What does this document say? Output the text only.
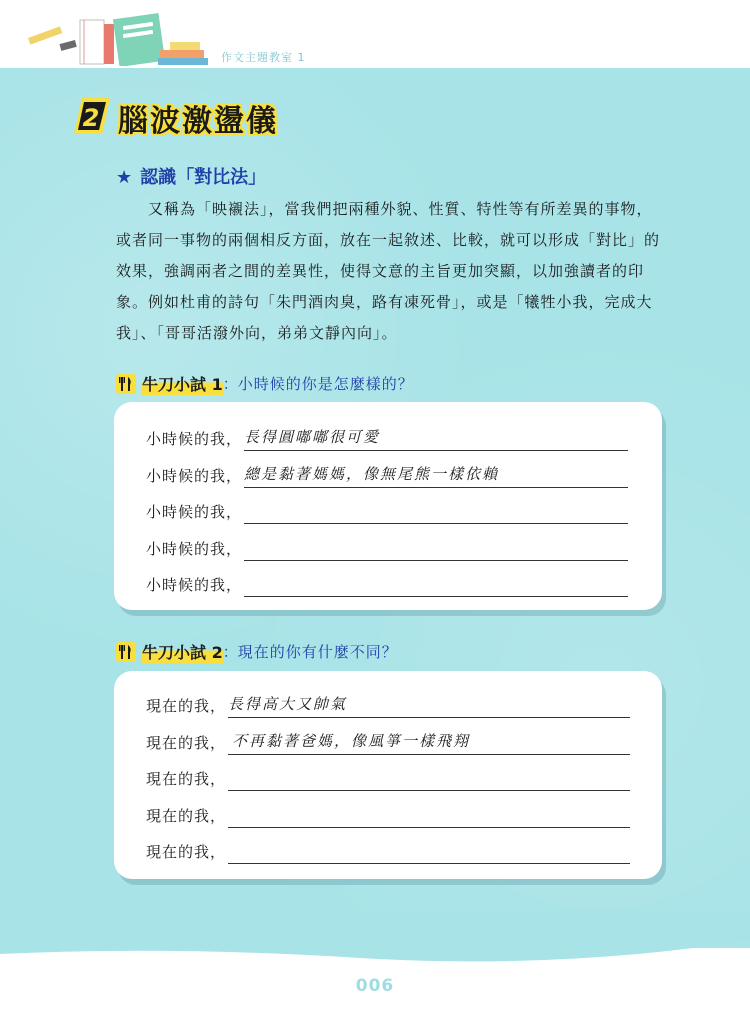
作文主題教室 1
2 腦波激盪儀
★ 認識「對比法」
又稱為「映襯法」，當我們把兩種外貌、性質、特性等有所差異的事物，或者同一事物的兩個相反方面，放在一起敘述、比較，就可以形成「對比」的效果，強調兩者之間的差異性，使得文意的主旨更加突顯，以加強讀者的印象。例如杜甫的詩句「朱門酒肉臭，路有凍死骨」，或是「犧牲小我，完成大我」、「哥哥活潑外向，弟弟文靜內向」。
牛刀小試 1：小時候的你是怎麼樣的？
小時候的我， 長得圓嘟嘟很可愛
小時候的我， 總是黏著媽媽，像無尾熊一樣依賴
小時候的我，
小時候的我，
小時候的我，
牛刀小試 2：現在的你有什麼不同？
現在的我， 長得高大又帥氣
現在的我， 不再黏著爸媽，像風箏一樣飛翔
現在的我，
現在的我，
現在的我，
006
